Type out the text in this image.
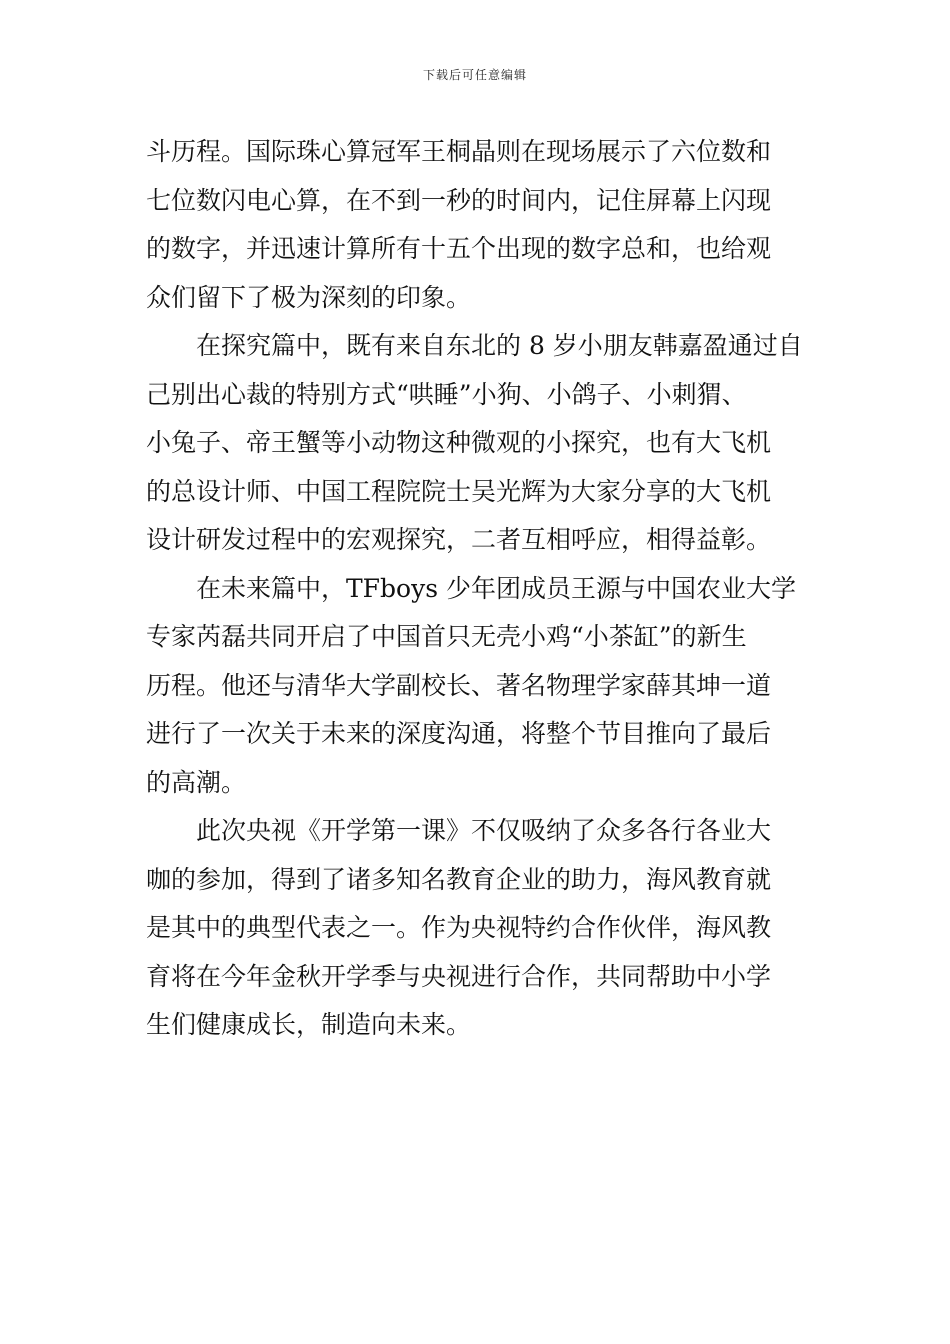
下载后可任意编辑
斗历程。国际珠心算冠军王桐晶则在现场展示了六位数和
七位数闪电心算，在不到一秒的时间内，记住屏幕上闪现
的数字，并迅速计算所有十五个出现的数字总和，也给观
众们留下了极为深刻的印象。
在探究篇中，既有来自东北的 8 岁小朋友韩嘉盈通过自
己别出心裁的特别方式“哄睡”小狗、小鸽子、小刺猬、
小兔子、帝王蟹等小动物这种微观的小探究，也有大飞机
的总设计师、中国工程院院士吴光辉为大家分享的大飞机
设计研发过程中的宏观探究，二者互相呼应，相得益彰。
在未来篇中，TFboys 少年团成员王源与中国农业大学
专家芮磊共同开启了中国首只无壳小鸡“小茶缸”的新生
历程。他还与清华大学副校长、著名物理学家薛其坤一道
进行了一次关于未来的深度沟通，将整个节目推向了最后
的高潮。
此次央视《开学第一课》不仅吸纳了众多各行各业大
咖的参加，得到了诸多知名教育企业的助力，海风教育就
是其中的典型代表之一。作为央视特约合作伙伴，海风教
育将在今年金秋开学季与央视进行合作，共同帮助中小学
生们健康成长，制造向未来。
